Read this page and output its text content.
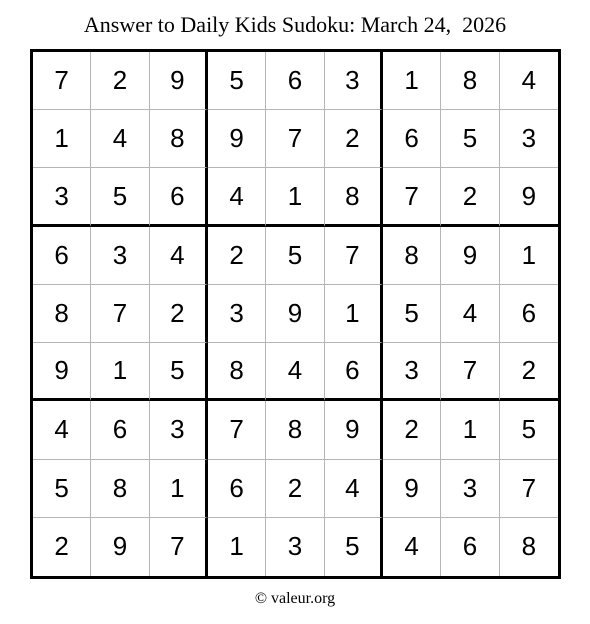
Answer to Daily Kids Sudoku: March 24,  2026
7	2	9	5	6	3	1	8	4
1	4	8	9	7	2	6	5	3
3	5	6	4	1	8	7	2	9
6	3	4	2	5	7	8	9	1
8	7	2	3	9	1	5	4	6
9	1	5	8	4	6	3	7	2
4	6	3	7	8	9	2	1	5
5	8	1	6	2	4	9	3	7
2	9	7	1	3	5	4	6	8
© valeur.org
